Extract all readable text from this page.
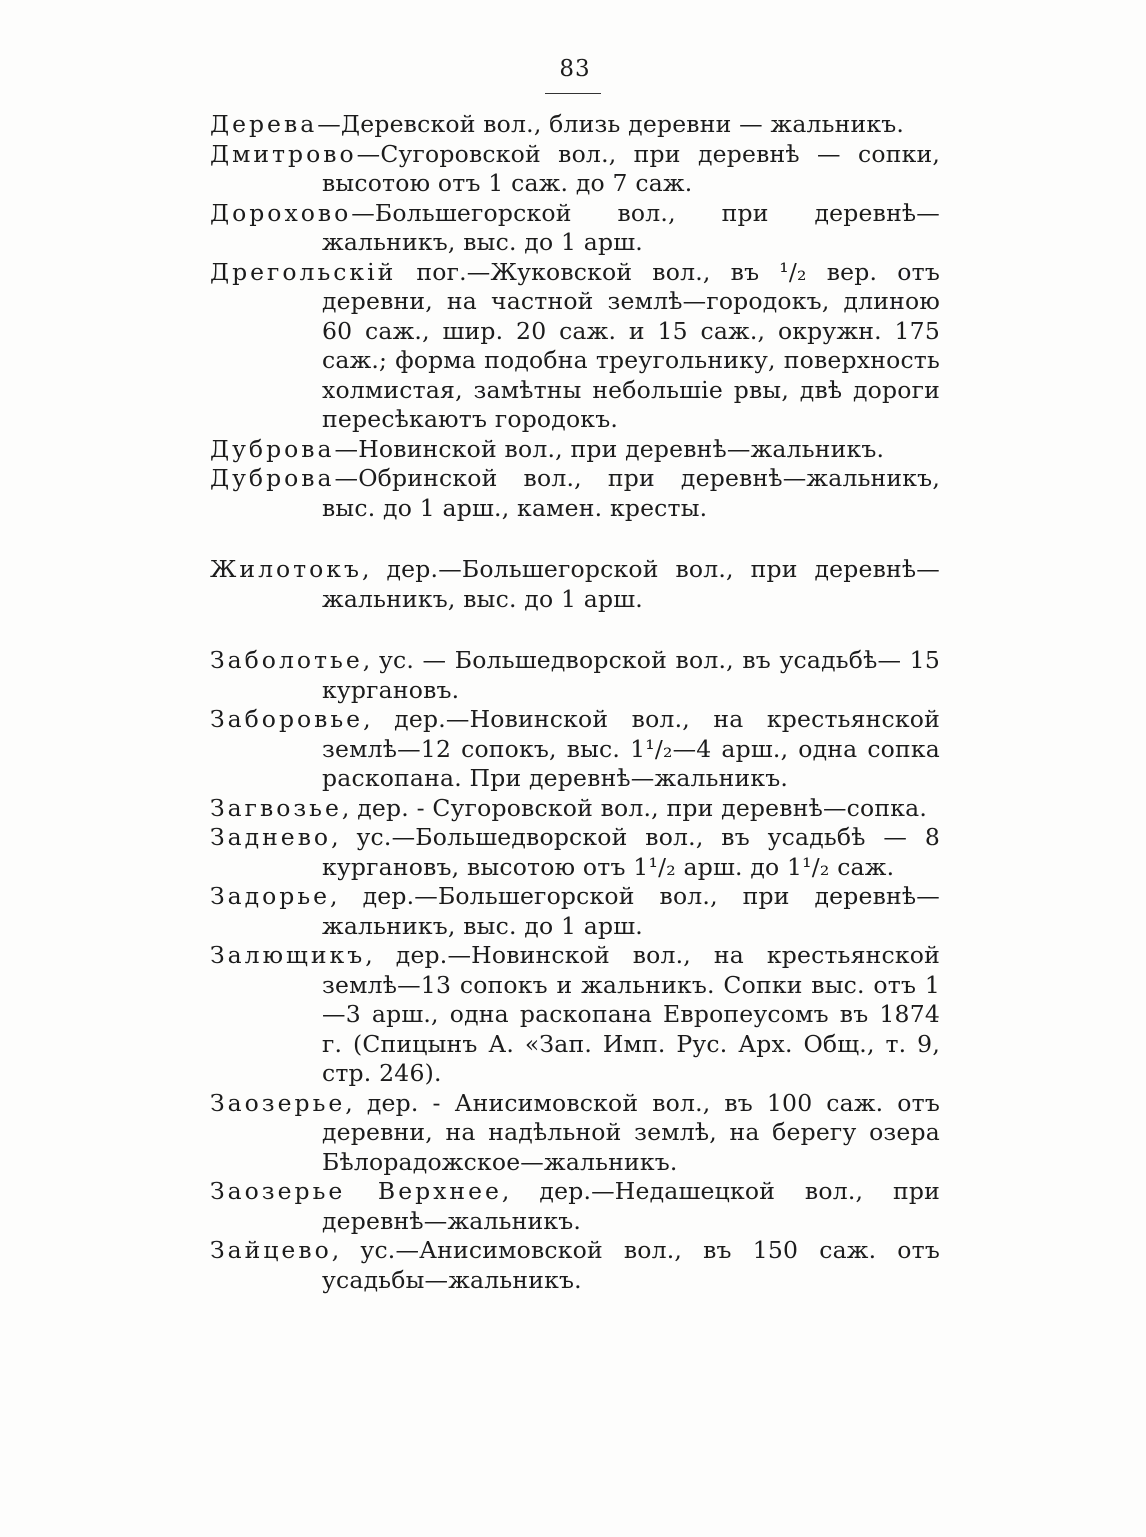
83

Дерева—Деревской вол., близь деревни — жальникъ.

Дмитрово—Сугоровской вол., при деревнѣ — сопки, высотою отъ 1 саж. до 7 саж.

Дорохово—Большегорской вол., при деревнѣ—жальникъ, выс. до 1 арш.

Дрегольскій пог.—Жуковской вол., въ ¹/₂ вер. отъ деревни, на частной землѣ—городокъ, длиною 60 саж., шир. 20 саж. и 15 саж., окружн. 175 саж.; форма подобна треугольнику, поверхность холмистая, замѣтны небольшіе рвы, двѣ дороги пересѣкаютъ городокъ.

Дуброва—Новинской вол., при деревнѣ—жальникъ.

Дуброва—Обринской вол., при деревнѣ—жальникъ, выс. до 1 арш., камен. кресты.

Жилотокъ, дер.—Большегорской вол., при деревнѣ—жальникъ, выс. до 1 арш.

Заболотье, ус. — Большедворской вол., въ усадьбѣ— 15 кургановъ.

Заборовье, дер.—Новинской вол., на крестьянской землѣ—12 сопокъ, выс. 1¹/₂—4 арш., одна сопка раскопана. При деревнѣ—жальникъ.

Загвозье, дер. - Сугоровской вол., при деревнѣ—сопка.

Заднево, ус.—Большедворской вол., въ усадьбѣ — 8 кургановъ, высотою отъ 1¹/₂ арш. до 1¹/₂ саж.

Задорье, дер.—Большегорской вол., при деревнѣ—жальникъ, выс. до 1 арш.

Залющикъ, дер.—Новинской вол., на крестьянской землѣ—13 сопокъ и жальникъ. Сопки выс. отъ 1—3 арш., одна раскопана Европеусомъ въ 1874 г. (Спицынъ А. «Зап. Имп. Рус. Арх. Общ., т. 9, стр. 246).

Заозерье, дер. - Анисимовской вол., въ 100 саж. отъ деревни, на надѣльной землѣ, на берегу озера Бѣлорадожское—жальникъ.

Заозерье Верхнее, дер.—Недашецкой вол., при деревнѣ—жальникъ.

Зайцево, ус.—Анисимовской вол., въ 150 саж. отъ усадьбы—жальникъ.
